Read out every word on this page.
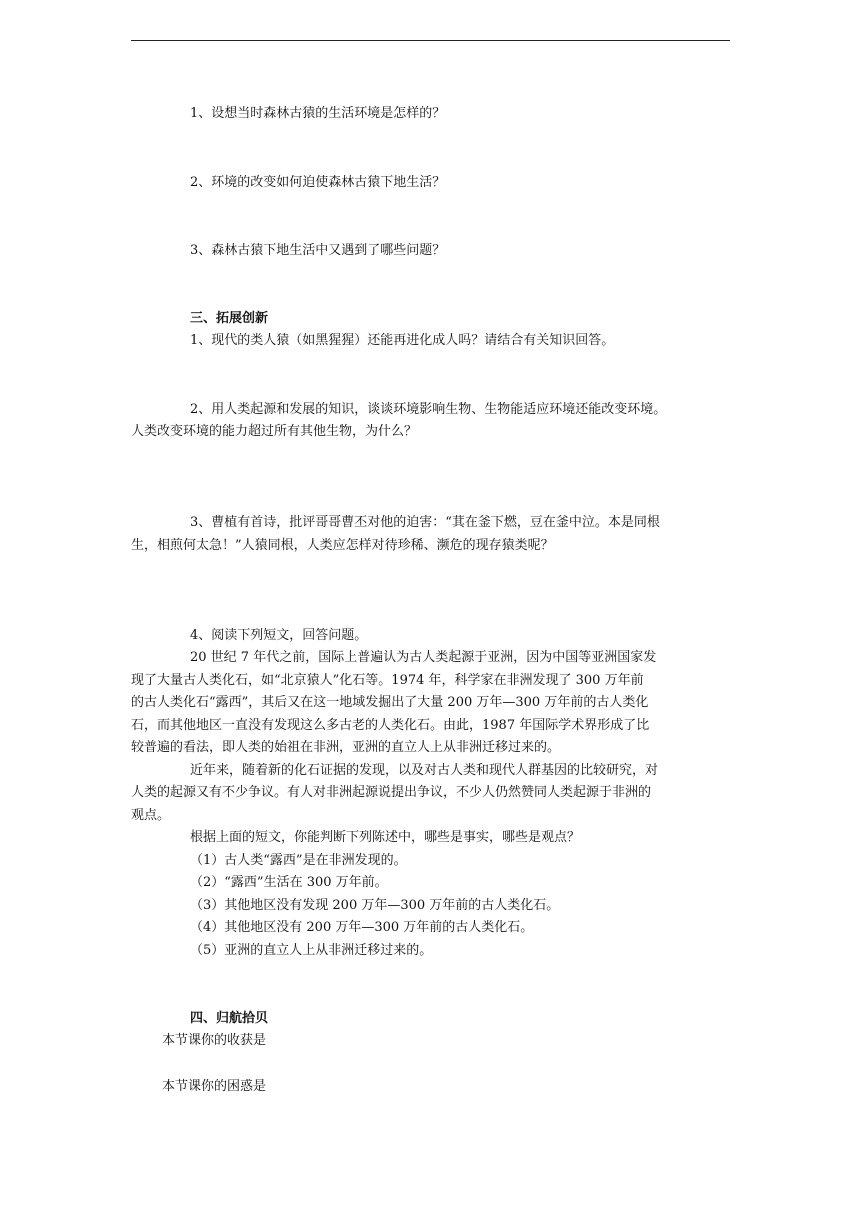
1、设想当时森林古猿的生活环境是怎样的？
2、环境的改变如何迫使森林古猿下地生活？
3、森林古猿下地生活中又遇到了哪些问题？
三、拓展创新
1、现代的类人猿（如黑猩猩）还能再进化成人吗？请结合有关知识回答。
2、用人类起源和发展的知识，谈谈环境影响生物、生物能适应环境还能改变环境。
人类改变环境的能力超过所有其他生物，为什么？
3、曹植有首诗，批评哥哥曹丕对他的迫害：“萁在釜下燃，豆在釜中泣。本是同根
生，相煎何太急！”人猿同根，人类应怎样对待珍稀、濒危的现存猿类呢？
4、阅读下列短文，回答问题。
20 世纪 7 年代之前，国际上普遍认为古人类起源于亚洲，因为中国等亚洲国家发
现了大量古人类化石，如“北京猿人”化石等。1974 年，科学家在非洲发现了 300 万年前
的古人类化石“露西”，其后又在这一地域发掘出了大量 200 万年—300 万年前的古人类化
石，而其他地区一直没有发现这么多古老的人类化石。由此，1987 年国际学术界形成了比
较普遍的看法，即人类的始祖在非洲，亚洲的直立人上从非洲迁移过来的。
近年来，随着新的化石证据的发现，以及对古人类和现代人群基因的比较研究，对
人类的起源又有不少争议。有人对非洲起源说提出争议，不少人仍然赞同人类起源于非洲的
观点。
根据上面的短文，你能判断下列陈述中，哪些是事实，哪些是观点？
（1）古人类“露西”是在非洲发现的。
（2）“露西”生活在 300 万年前。
（3）其他地区没有发现 200 万年—300 万年前的古人类化石。
（4）其他地区没有 200 万年—300 万年前的古人类化石。
（5）亚洲的直立人上从非洲迁移过来的。
四、归航拾贝
本节课你的收获是
本节课你的困惑是
